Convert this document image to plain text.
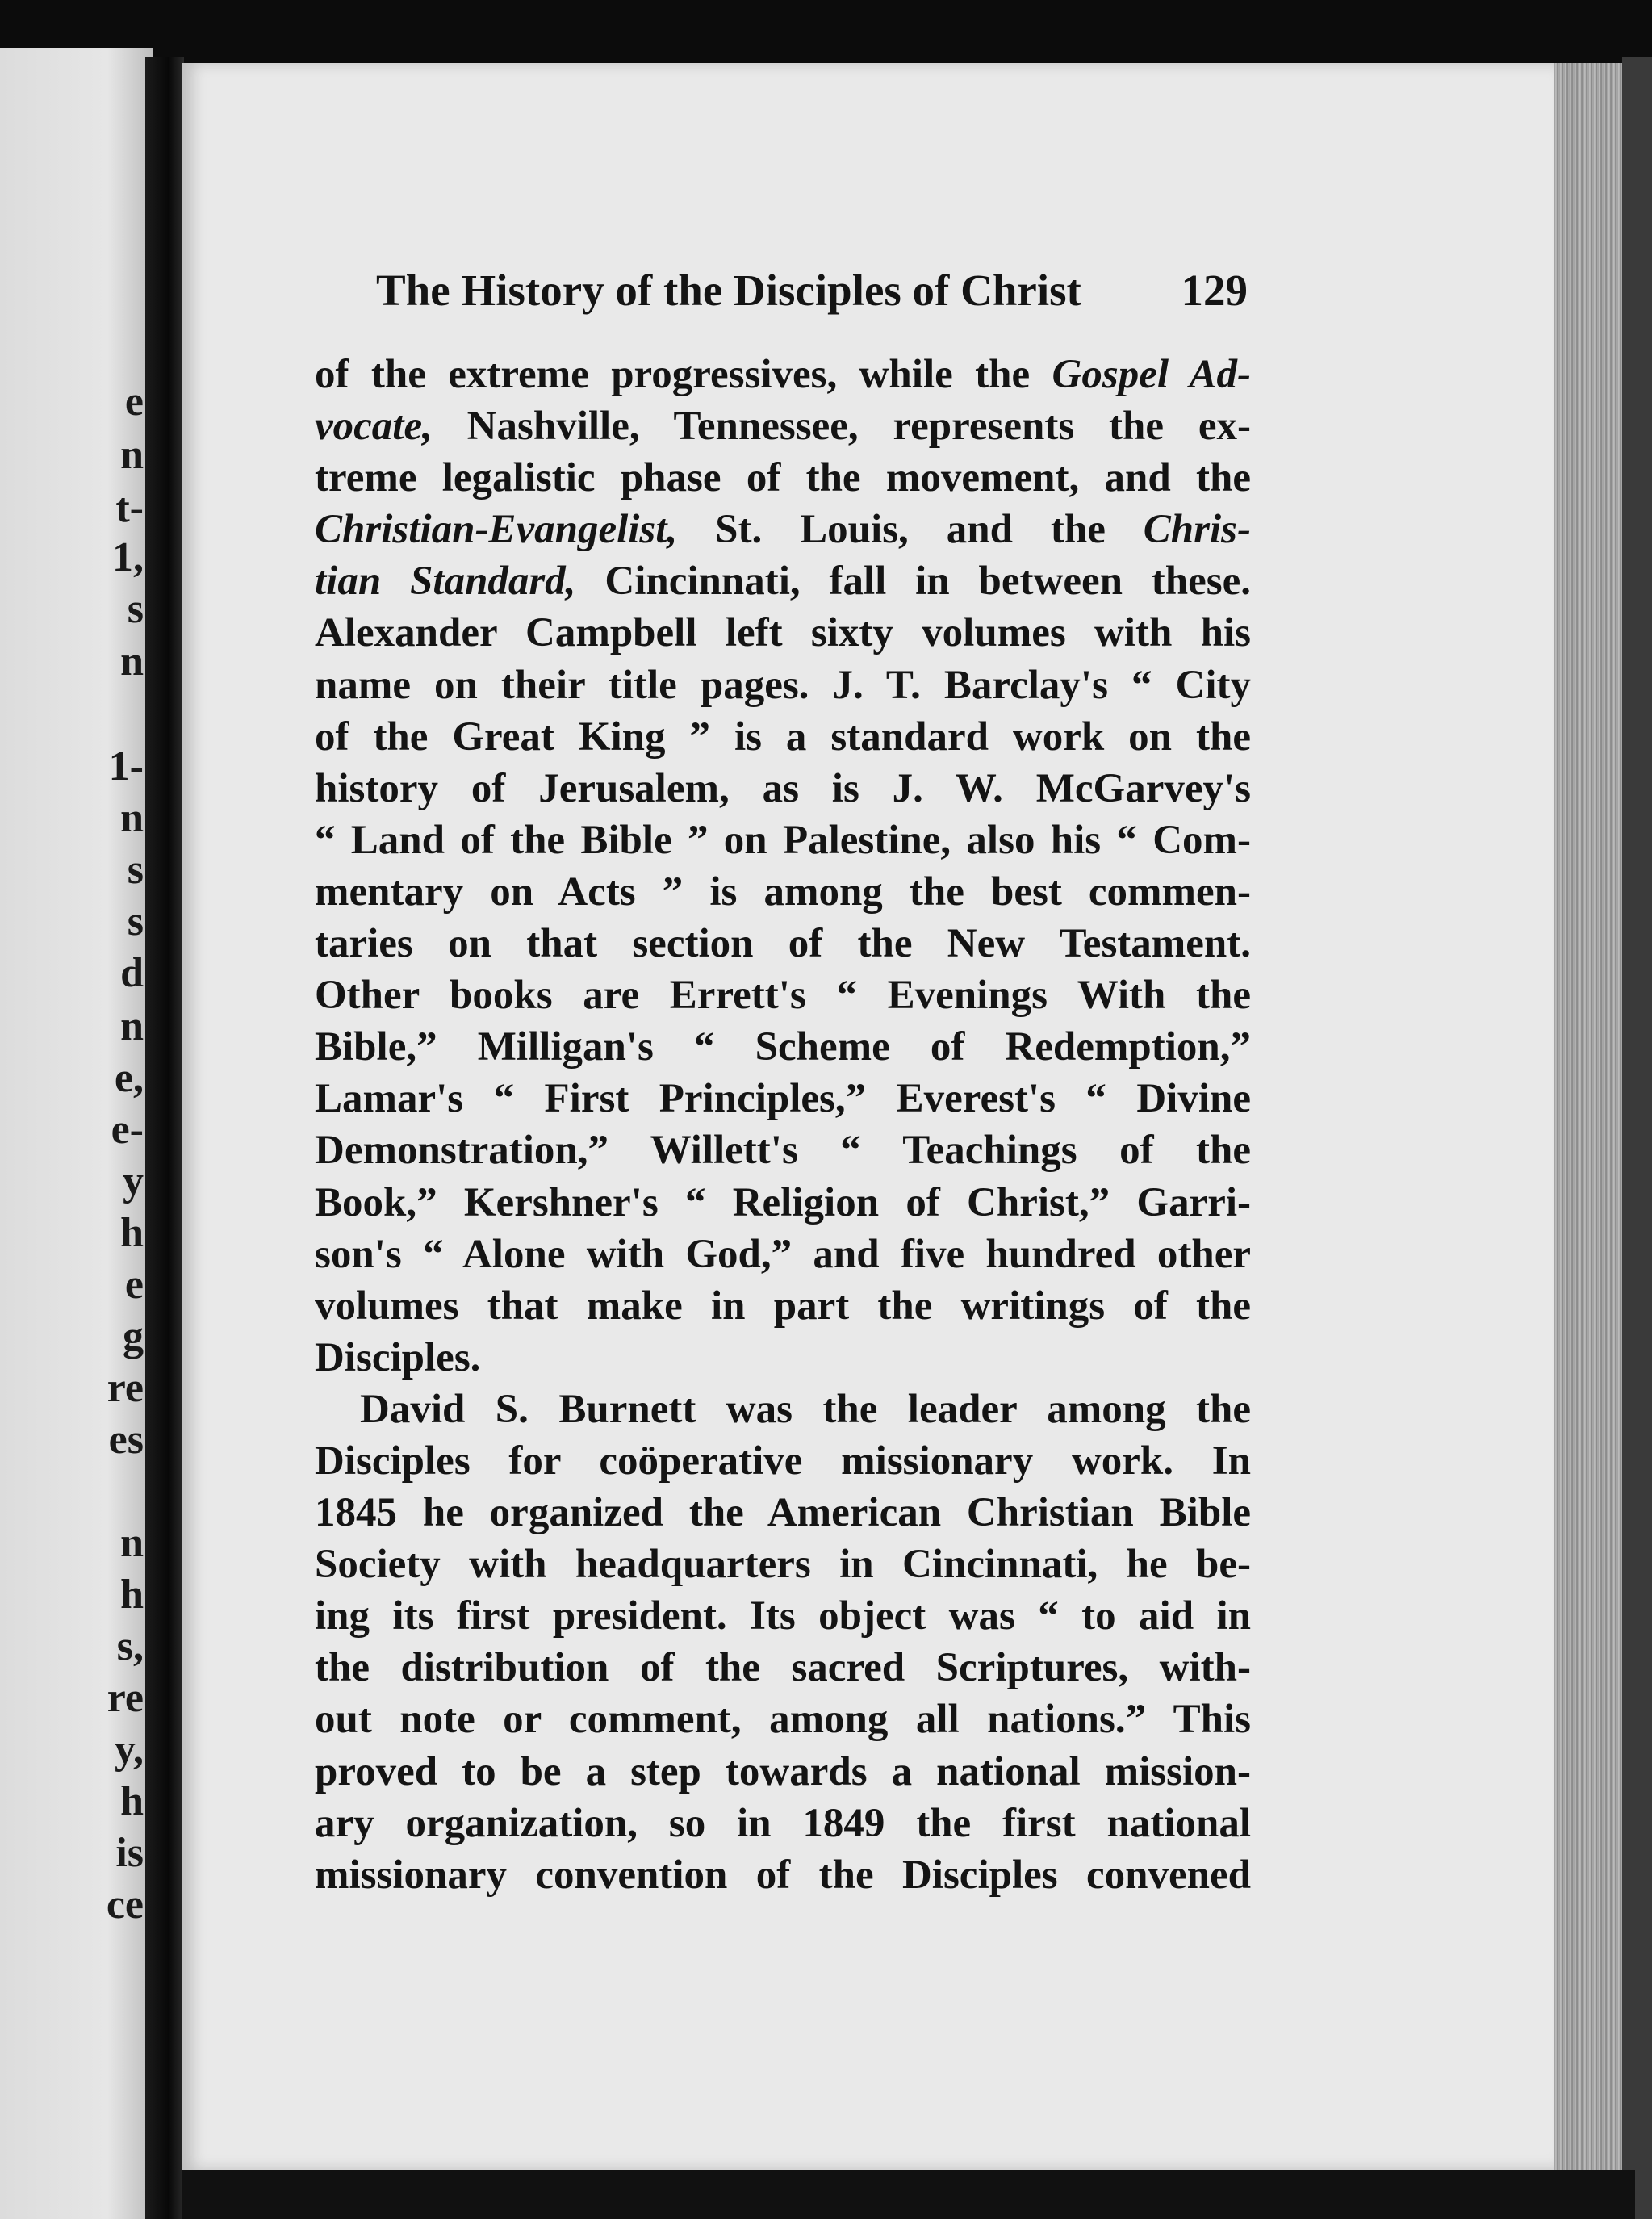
e
n
t-
1,
s
n
1-
n
s
s
d
n
e,
e-
y
h
e
g
re
es
n
h
s,
re
y,
h
is
ce
The History of the Disciples of Christ 129
of the extreme progressives, while the Gospel Ad-
vocate, Nashville, Tennessee, represents the ex-
treme legalistic phase of the movement, and the
Christian-Evangelist, St. Louis, and the Chris-
tian Standard, Cincinnati, fall in between these.
Alexander Campbell left sixty volumes with his
name on their title pages. J. T. Barclay's “ City
of the Great King ” is a standard work on the
history of Jerusalem, as is J. W. McGarvey's
“ Land of the Bible ” on Palestine, also his “ Com-
mentary on Acts ” is among the best commen-
taries on that section of the New Testament.
Other books are Errett's “ Evenings With the
Bible,” Milligan's “ Scheme of Redemption,”
Lamar's “ First Principles,” Everest's “ Divine
Demonstration,” Willett's “ Teachings of the
Book,” Kershner's “ Religion of Christ,” Garri-
son's “ Alone with God,” and five hundred other
volumes that make in part the writings of the
Disciples.
David S. Burnett was the leader among the
Disciples for coöperative missionary work. In
1845 he organized the American Christian Bible
Society with headquarters in Cincinnati, he be-
ing its first president. Its object was “ to aid in
the distribution of the sacred Scriptures, with-
out note or comment, among all nations.” This
proved to be a step towards a national mission-
ary organization, so in 1849 the first national
missionary convention of the Disciples convened
